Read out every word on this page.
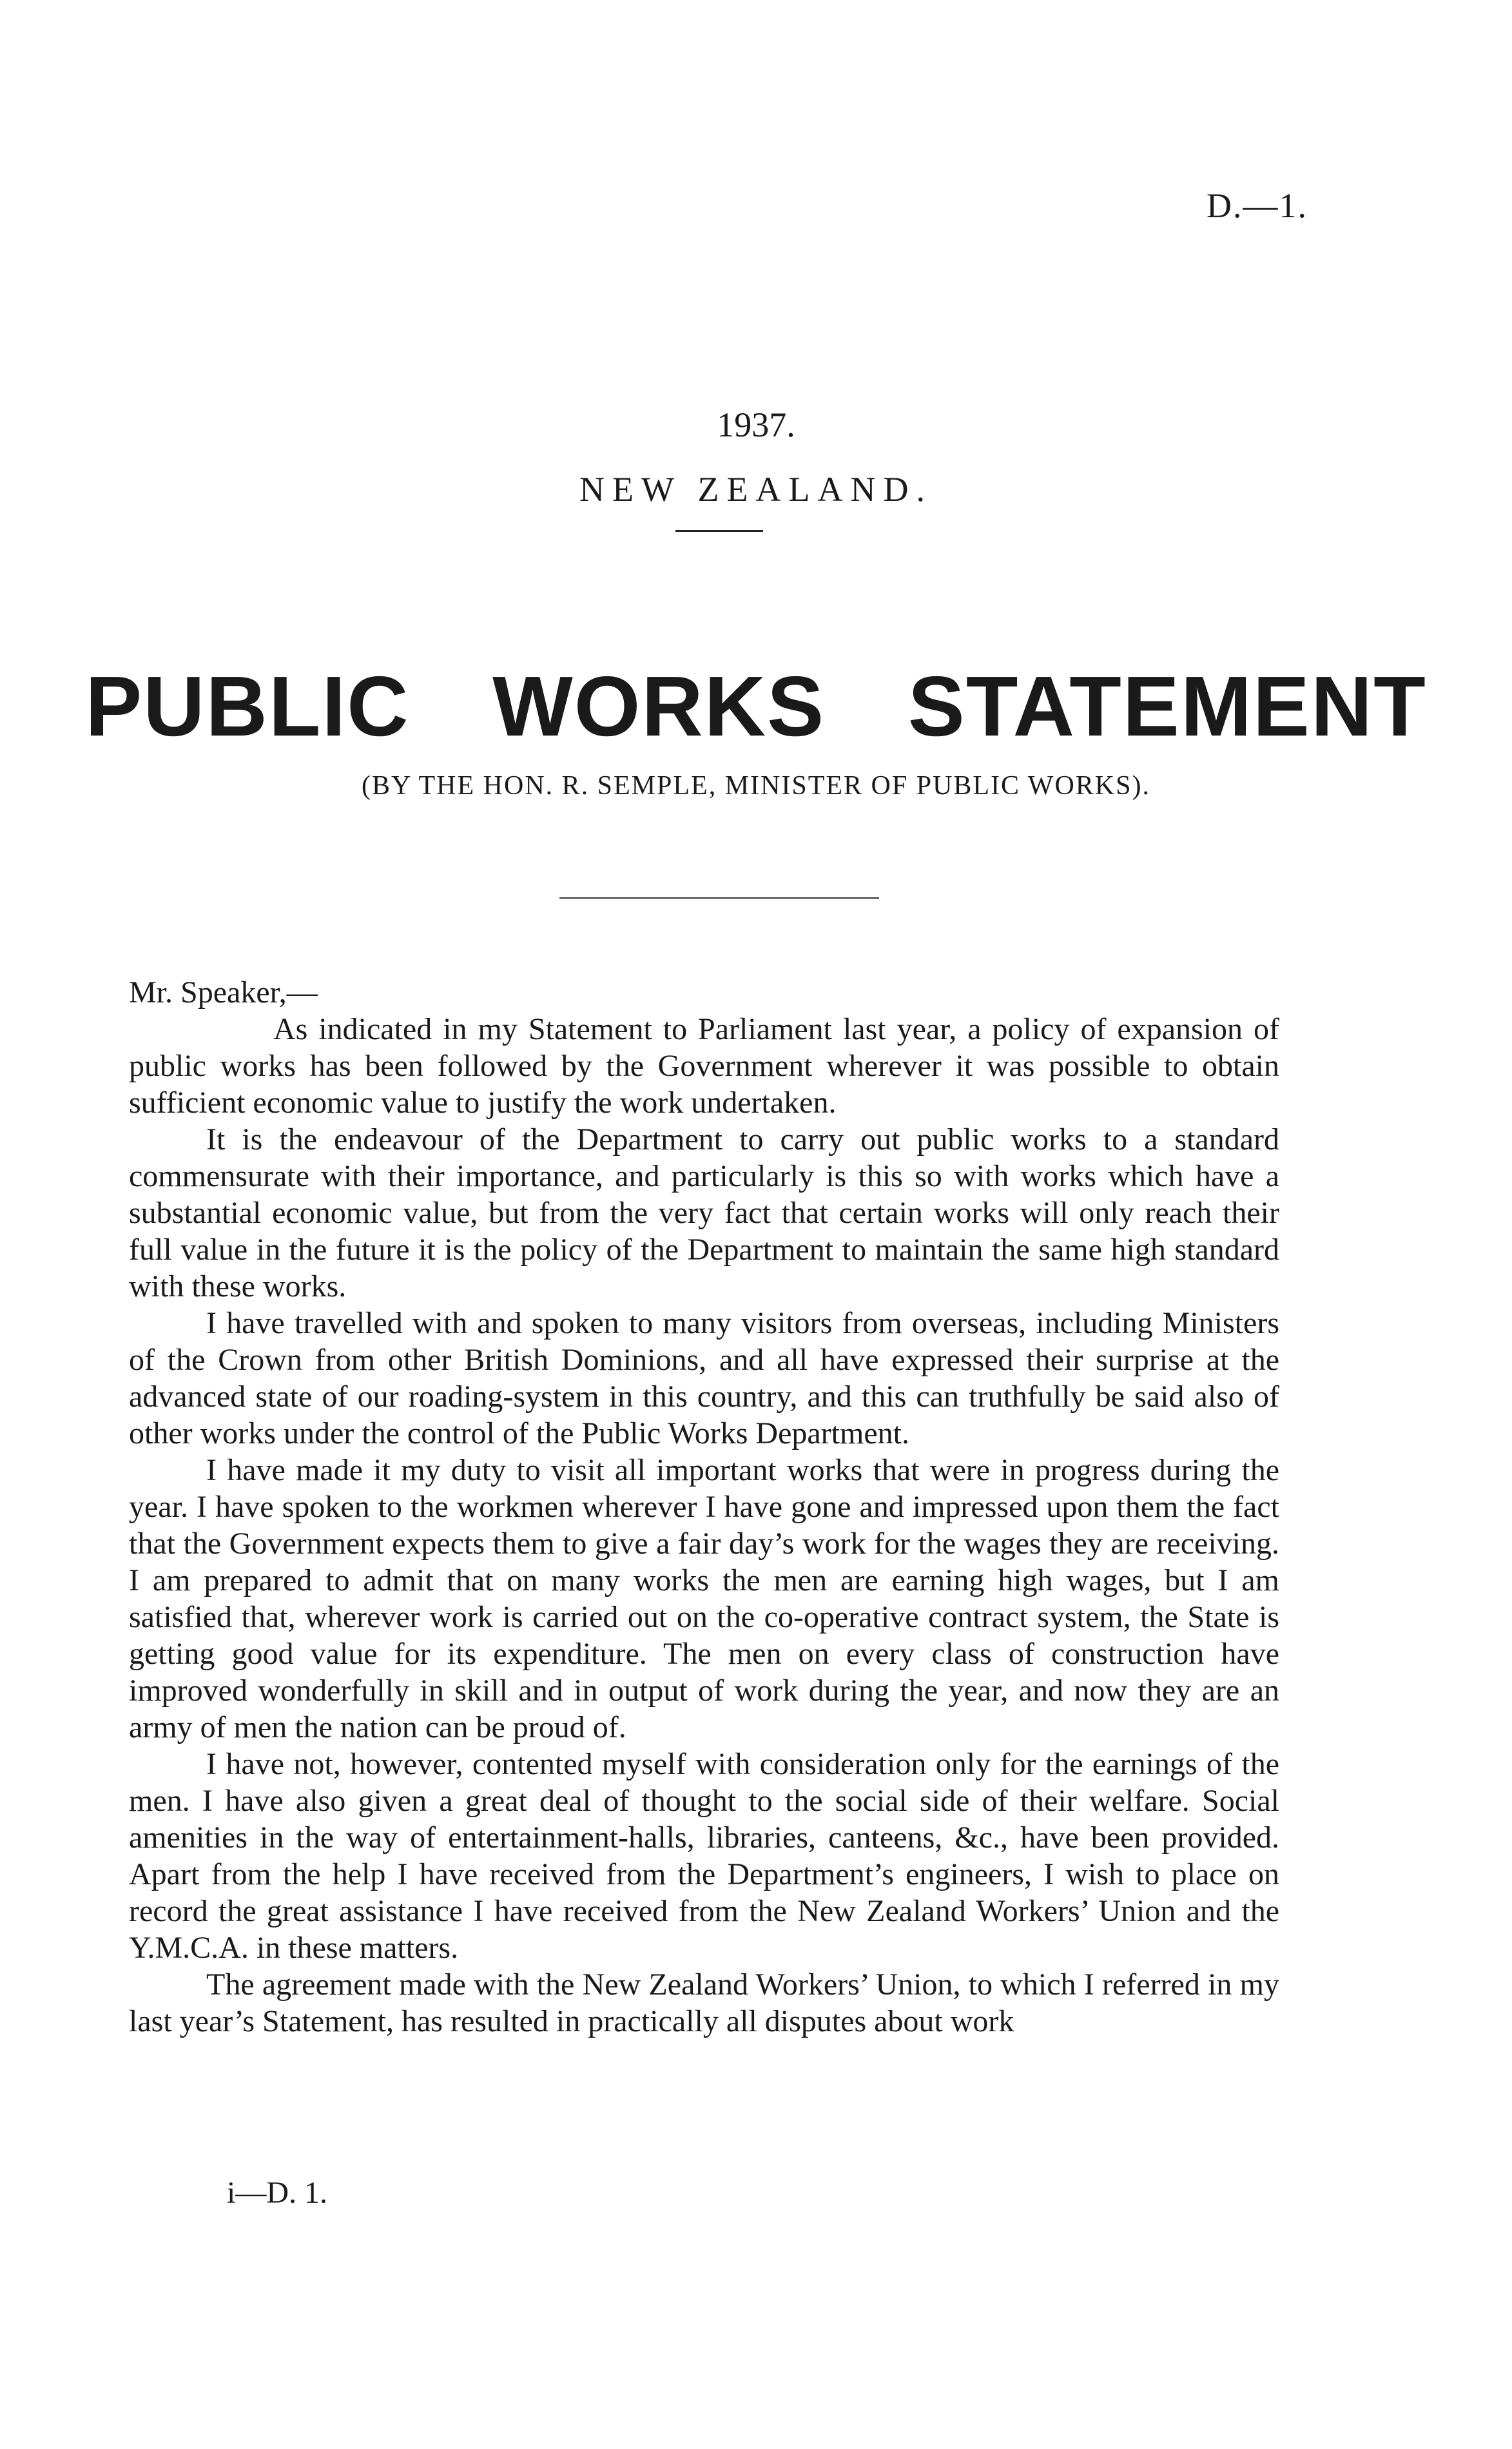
D.—1.

1937.

NEW ZEALAND.

PUBLIC WORKS STATEMENT

(BY THE HON. R. SEMPLE, MINISTER OF PUBLIC WORKS).

Mr. Speaker,—

As indicated in my Statement to Parliament last year, a policy of expansion of public works has been followed by the Government wherever it was possible to obtain sufficient economic value to justify the work undertaken.

It is the endeavour of the Department to carry out public works to a standard commensurate with their importance, and particularly is this so with works which have a substantial economic value, but from the very fact that certain works will only reach their full value in the future it is the policy of the Department to maintain the same high standard with these works.

I have travelled with and spoken to many visitors from overseas, including Ministers of the Crown from other British Dominions, and all have expressed their surprise at the advanced state of our roading-system in this country, and this can truthfully be said also of other works under the control of the Public Works Department.

I have made it my duty to visit all important works that were in progress during the year. I have spoken to the workmen wherever I have gone and impressed upon them the fact that the Government expects them to give a fair day’s work for the wages they are receiving. I am prepared to admit that on many works the men are earning high wages, but I am satisfied that, wherever work is carried out on the co-operative contract system, the State is getting good value for its expenditure. The men on every class of construction have improved wonderfully in skill and in output of work during the year, and now they are an army of men the nation can be proud of.

I have not, however, contented myself with consideration only for the earnings of the men. I have also given a great deal of thought to the social side of their welfare. Social amenities in the way of entertainment-halls, libraries, canteens, &c., have been provided. Apart from the help I have received from the Department’s engineers, I wish to place on record the great assistance I have received from the New Zealand Workers’ Union and the Y.M.C.A. in these matters.

The agreement made with the New Zealand Workers’ Union, to which I referred in my last year’s Statement, has resulted in practically all disputes about work

i—D. 1.
